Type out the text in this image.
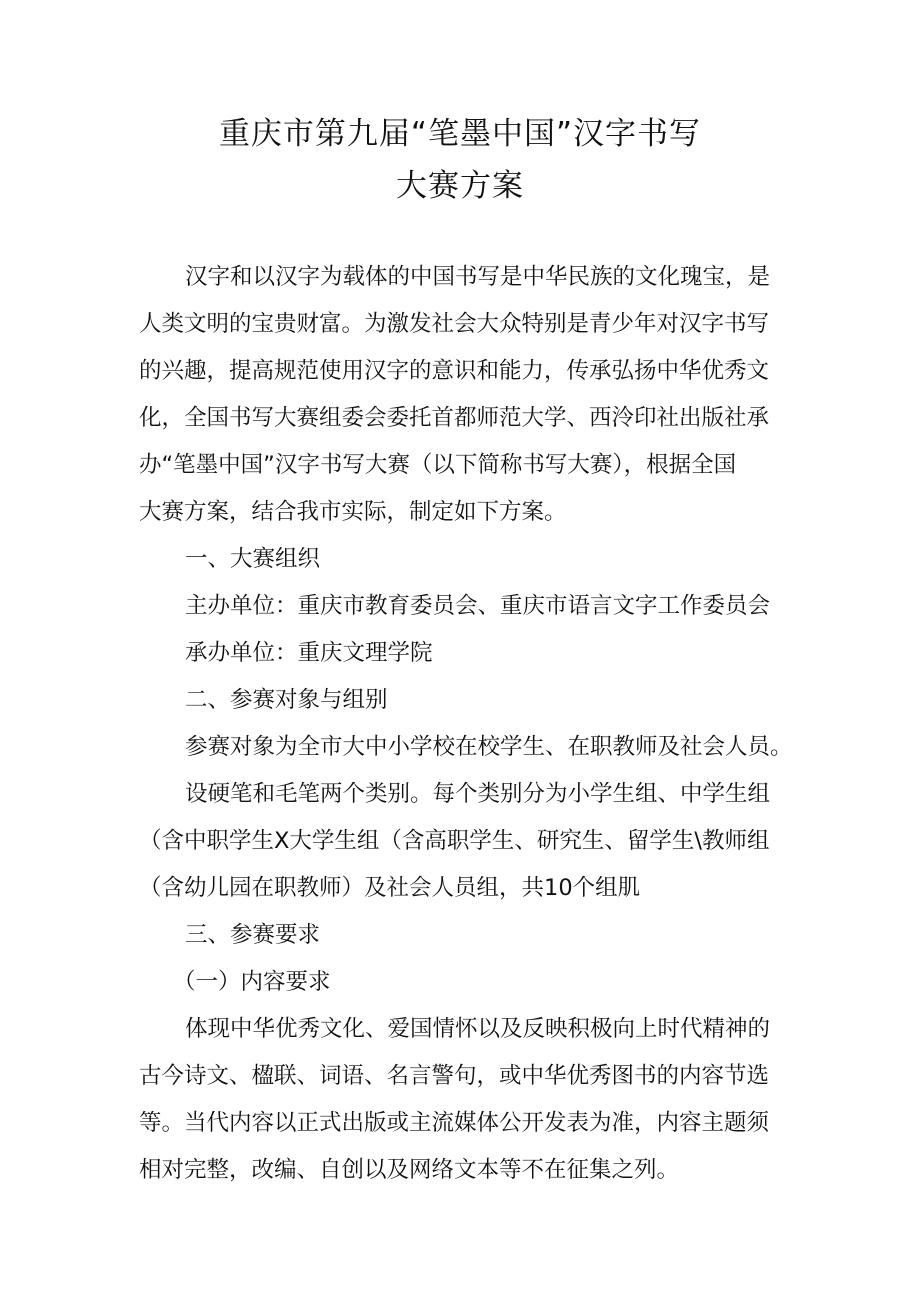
重庆市第九届“笔墨中国”汉字书写
大赛方案
汉字和以汉字为载体的中国书写是中华民族的文化瑰宝，是
人类文明的宝贵财富。为激发社会大众特别是青少年对汉字书写
的兴趣，提高规范使用汉字的意识和能力，传承弘扬中华优秀文
化，全国书写大赛组委会委托首都师范大学、西泠印社出版社承
办“笔墨中国”汉字书写大赛（以下简称书写大赛），根据全国
大赛方案，结合我市实际，制定如下方案。
一、大赛组织
主办单位：重庆市教育委员会、重庆市语言文字工作委员会
承办单位：重庆文理学院
二、参赛对象与组别
参赛对象为全市大中小学校在校学生、在职教师及社会人员。
设硬笔和毛笔两个类别。每个类别分为小学生组、中学生组
（含中职学生X大学生组（含高职学生、研究生、留学生\教师组
（含幼儿园在职教师）及社会人员组，共10个组肌
三、参赛要求
（一）内容要求
体现中华优秀文化、爱国情怀以及反映积极向上时代精神的
古今诗文、楹联、词语、名言警句，或中华优秀图书的内容节选
等。当代内容以正式出版或主流媒体公开发表为准，内容主题须
相对完整，改编、自创以及网络文本等不在征集之列。
